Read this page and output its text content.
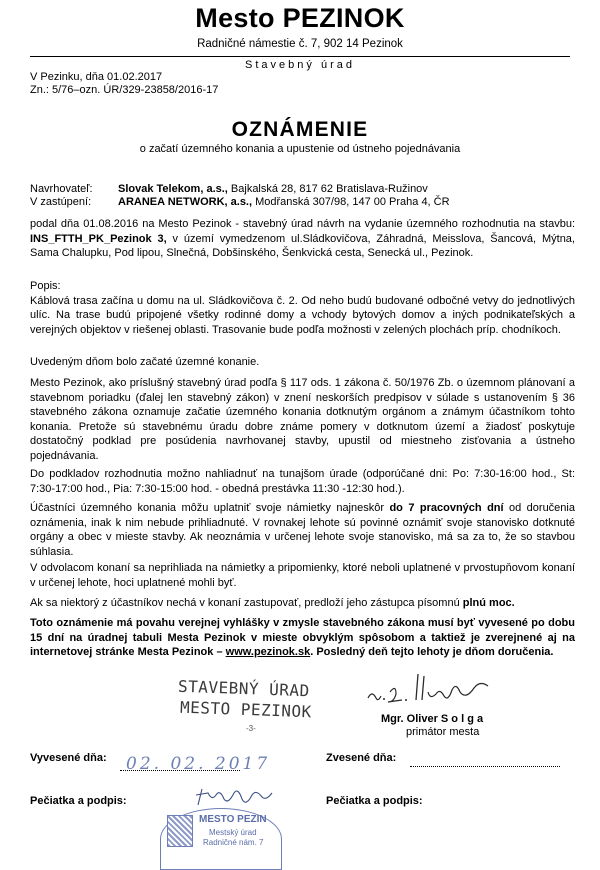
Mesto PEZINOK
Radničné námestie č. 7, 902 14 Pezinok
Stavebný úrad
V Pezinku, dňa 01.02.2017
Zn.: 5/76–ozn. ÚR/329-23858/2016-17
OZNÁMENIE
o začatí územného konania a upustenie od ústneho pojednávania
Navrhovateľ: Slovak Telekom, a.s., Bajkalská 28, 817 62 Bratislava-Ružinov
V zastúpení: ARANEA NETWORK, a.s., Modřanská 307/98, 147 00 Praha 4, ČR
podal dňa 01.08.2016 na Mesto Pezinok - stavebný úrad návrh na vydanie územného rozhodnutia na stavbu: INS_FTTH_PK_Pezinok 3, v území vymedzenom ul.Sládkovičova, Záhradná, Meisslova, Šancová, Mýtna, Sama Chalupku, Pod lipou, Slnečná, Dobšinského, Šenkvická cesta, Senecká ul., Pezinok.
Popis:
Káblová trasa začína u domu na ul. Sládkovičova č. 2. Od neho budú budované odbočné vetvy do jednotlivých ulíc. Na trase budú pripojené všetky rodinné domy a vchody bytových domov a iných podnikateľských a verejných objektov v riešenej oblasti. Trasovanie bude podľa možnosti v zelených plochách príp. chodníkoch.
Uvedeným dňom bolo začaté územné konanie.
Mesto Pezinok, ako príslušný stavebný úrad podľa § 117 ods. 1 zákona č. 50/1976 Zb. o územnom plánovaní a stavebnom poriadku (ďalej len stavebný zákon) v znení neskorších predpisov v súlade s ustanovením § 36 stavebného zákona oznamuje začatie územného konania dotknutým orgánom a známym účastníkom tohto konania. Pretože sú stavebnému úradu dobre známe pomery v dotknutom území a žiadosť poskytuje dostatočný podklad pre posúdenia navrhovanej stavby, upustil od miestneho zisťovania a ústneho pojednávania.
Do podkladov rozhodnutia možno nahliadnuť na tunajšom úrade (odporúčané dni: Po: 7:30-16:00 hod., St: 7:30-17:00 hod., Pia: 7:30-15:00 hod. - obedná prestávka 11:30 -12:30 hod.).
Účastníci územného konania môžu uplatniť svoje námietky najneskôr do 7 pracovných dní od doručenia oznámenia, inak k nim nebude prihliadnuté. V rovnakej lehote sú povinné oznámiť svoje stanovisko dotknuté orgány a obec v mieste stavby. Ak neoznámia v určenej lehote svoje stanovisko, má sa za to, že so stavbou súhlasia.
V odvolacom konaní sa neprihliada na námietky a pripomienky, ktoré neboli uplatnené v prvostupňovom konaní v určenej lehote, hoci uplatnené mohli byť.
Ak sa niektorý z účastníkov nechá v konaní zastupovať, predloží jeho zástupca písomnú plnú moc.
Toto oznámenie má povahu verejnej vyhlášky v zmysle stavebného zákona musí byť vyvesené po dobu 15 dní na úradnej tabuli Mesta Pezinok v mieste obvyklým spôsobom a taktiež je zverejnené aj na internetovej stránke Mesta Pezinok – www.pezinok.sk. Posledný deň tejto lehoty je dňom doručenia.
STAVEBNÝ ÚRAD
MESTO PEZINOK
-3-
Mgr. Oliver S o l g a
primátor mesta
Vyvesené dňa: 02. 02. 2017	Zvesené dňa:
Pečiatka a podpis:	Pečiatka a podpis:
MESTO PEZIN
Mestský úrad
Radničné nám. 7
